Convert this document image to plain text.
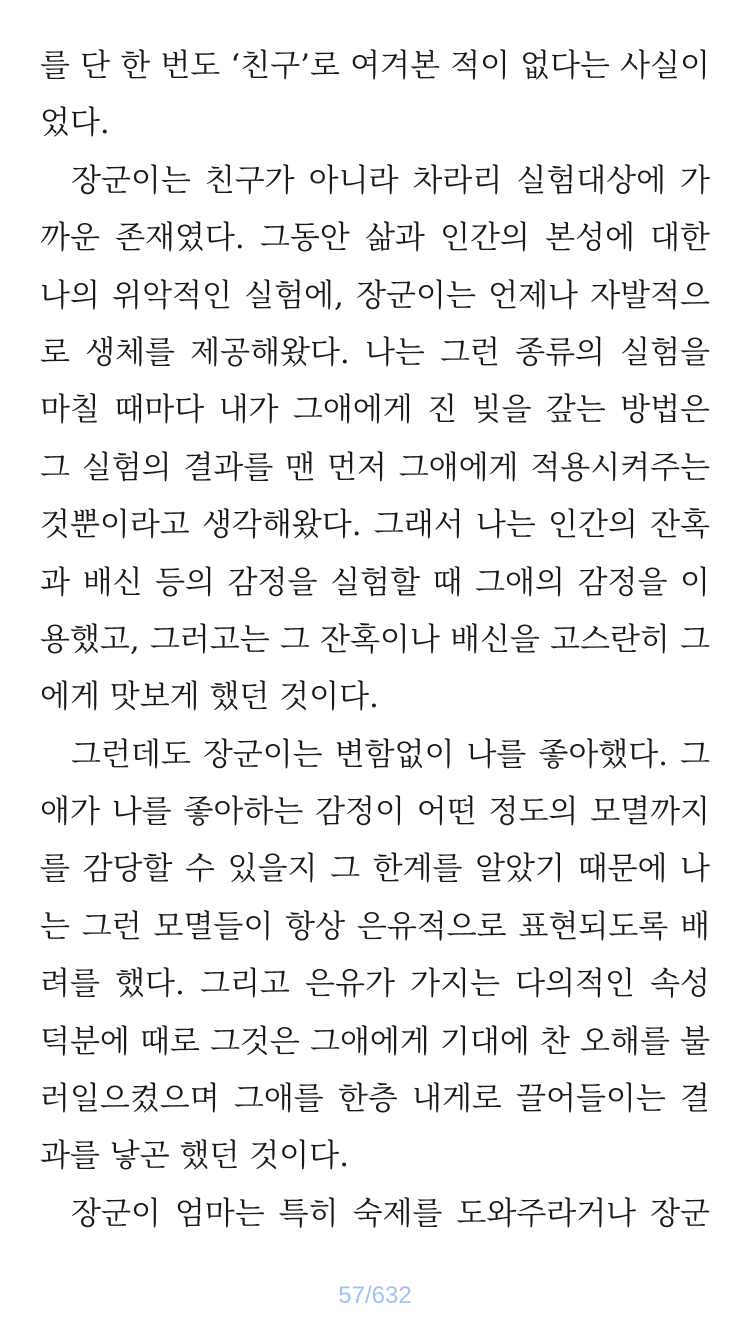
를 단 한 번도 ‘친구’로 여겨본 적이 없다는 사실이
었다.
장군이는 친구가 아니라 차라리 실험대상에 가
까운 존재였다. 그동안 삶과 인간의 본성에 대한
나의 위악적인 실험에, 장군이는 언제나 자발적으
로 생체를 제공해왔다. 나는 그런 종류의 실험을
마칠 때마다 내가 그애에게 진 빚을 갚는 방법은
그 실험의 결과를 맨 먼저 그애에게 적용시켜주는
것뿐이라고 생각해왔다. 그래서 나는 인간의 잔혹
과 배신 등의 감정을 실험할 때 그애의 감정을 이
용했고, 그러고는 그 잔혹이나 배신을 고스란히 그
에게 맛보게 했던 것이다.
그런데도 장군이는 변함없이 나를 좋아했다. 그
애가 나를 좋아하는 감정이 어떤 정도의 모멸까지
를 감당할 수 있을지 그 한계를 알았기 때문에 나
는 그런 모멸들이 항상 은유적으로 표현되도록 배
려를 했다. 그리고 은유가 가지는 다의적인 속성
덕분에 때로 그것은 그애에게 기대에 찬 오해를 불
러일으켰으며 그애를 한층 내게로 끌어들이는 결
과를 낳곤 했던 것이다.
장군이 엄마는 특히 숙제를 도와주라거나 장군
57/632
